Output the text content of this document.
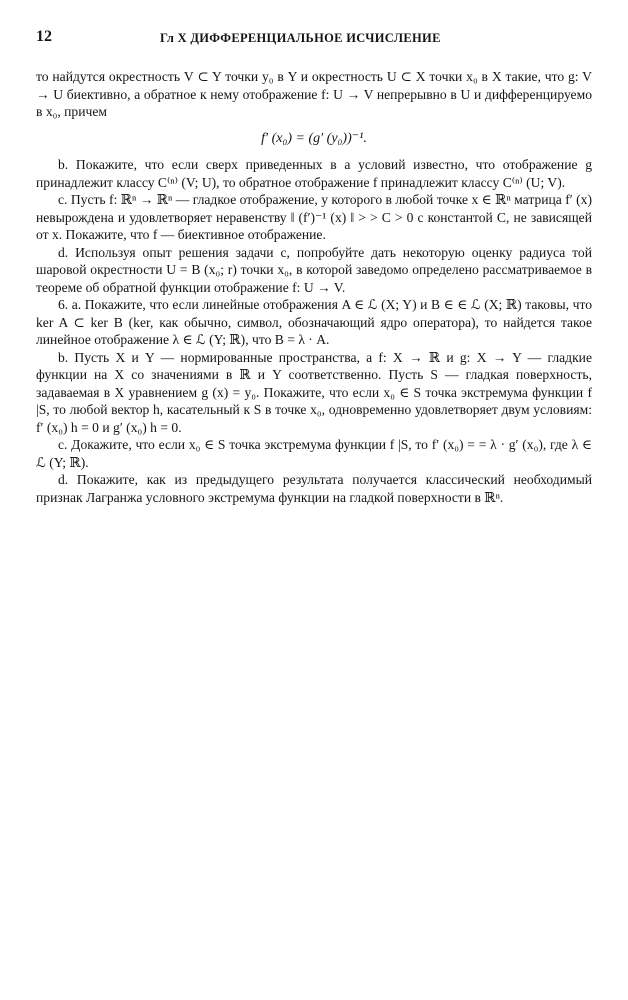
12	Гл X ДИФФЕРЕНЦИАЛЬНОЕ ИСЧИСЛЕНИЕ

то найдутся окрестность V ⊂ Y точки y₀ в Y и окрестность U ⊂ X точки x₀ в X такие, что g: V → U биективно, а обратное к нему отображение f: U → V непрерывно в U и дифференцируемо в x₀, причем

f′ (x₀) = (g′ (y₀))⁻¹.

b. Покажите, что если сверх приведенных в a условий известно, что отображение g принадлежит классу C⁽ⁿ⁾ (V; U), то обратное отображение f принадлежит классу C⁽ⁿ⁾ (U; V).

c. Пусть f: ℝⁿ → ℝⁿ — гладкое отображение, у которого в любой точке x ∈ ℝⁿ матрица f′ (x) невырождена и удовлетворяет неравенству ‖ (f′)⁻¹ (x) ‖ > > C > 0 с константой C, не зависящей от x. Покажите, что f — биективное отображение.

d. Используя опыт решения задачи c, попробуйте дать некоторую оценку радиуса той шаровой окрестности U = B (x₀; r) точки x₀, в которой заведомо определено рассматриваемое в теореме об обратной функции отображение f: U → V.

6. a. Покажите, что если линейные отображения A ∈ ℒ (X; Y) и B ∈ ∈ ℒ (X; ℝ) таковы, что ker A ⊂ ker B (ker, как обычно, символ, обозначающий ядро оператора), то найдется такое линейное отображение λ ∈ ℒ (Y; ℝ), что B = λ · A.

b. Пусть X и Y — нормированные пространства, а f: X → ℝ и g: X → Y — гладкие функции на X со значениями в ℝ и Y соответственно. Пусть S — гладкая поверхность, задаваемая в X уравнением g (x) = y₀. Покажите, что если x₀ ∈ S точка экстремума функции f |S, то любой вектор h, касательный к S в точке x₀, одновременно удовлетворяет двум условиям: f′ (x₀) h = 0 и g′ (x₀) h = 0.

c. Докажите, что если x₀ ∈ S точка экстремума функции f |S, то f′ (x₀) = = λ · g′ (x₀), где λ ∈ ℒ (Y; ℝ).

d. Покажите, как из предыдущего результата получается классический необходимый признак Лагранжа условного экстремума функции на гладкой поверхности в ℝⁿ.
